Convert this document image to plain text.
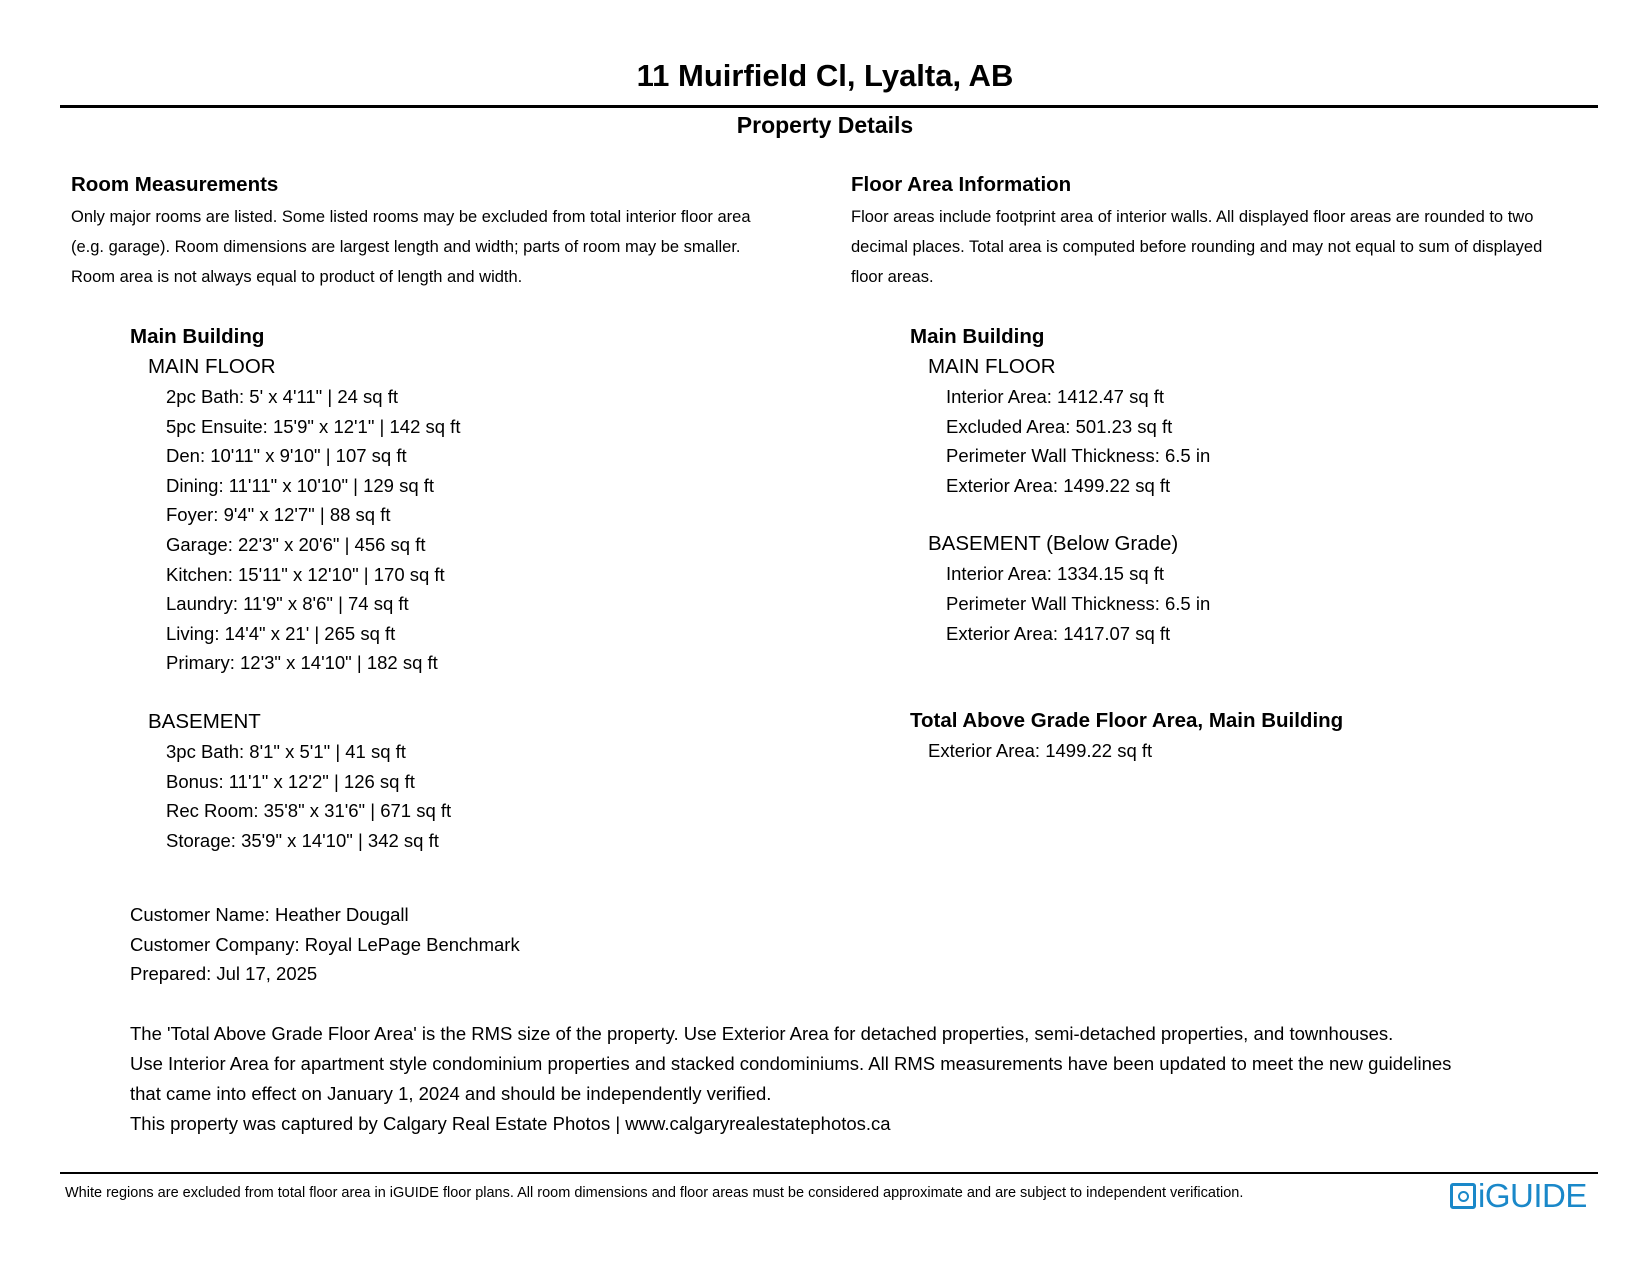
11 Muirfield Cl, Lyalta, AB
Property Details
Room Measurements
Only major rooms are listed. Some listed rooms may be excluded from total interior floor area
(e.g. garage). Room dimensions are largest length and width; parts of room may be smaller.
Room area is not always equal to product of length and width.
Main Building
MAIN FLOOR
2pc Bath: 5' x 4'11" | 24 sq ft
5pc Ensuite: 15'9" x 12'1" | 142 sq ft
Den: 10'11" x 9'10" | 107 sq ft
Dining: 11'11" x 10'10" | 129 sq ft
Foyer: 9'4" x 12'7" | 88 sq ft
Garage: 22'3" x 20'6" | 456 sq ft
Kitchen: 15'11" x 12'10" | 170 sq ft
Laundry: 11'9" x 8'6" | 74 sq ft
Living: 14'4" x 21' | 265 sq ft
Primary: 12'3" x 14'10" | 182 sq ft
BASEMENT
3pc Bath: 8'1" x 5'1" | 41 sq ft
Bonus: 11'1" x 12'2" | 126 sq ft
Rec Room: 35'8" x 31'6" | 671 sq ft
Storage: 35'9" x 14'10" | 342 sq ft
Floor Area Information
Floor areas include footprint area of interior walls. All displayed floor areas are rounded to two
decimal places. Total area is computed before rounding and may not equal to sum of displayed
floor areas.
Main Building
MAIN FLOOR
Interior Area: 1412.47 sq ft
Excluded Area: 501.23 sq ft
Perimeter Wall Thickness: 6.5 in
Exterior Area: 1499.22 sq ft
BASEMENT (Below Grade)
Interior Area: 1334.15 sq ft
Perimeter Wall Thickness: 6.5 in
Exterior Area: 1417.07 sq ft
Total Above Grade Floor Area, Main Building
Exterior Area: 1499.22 sq ft
Customer Name: Heather Dougall
Customer Company: Royal LePage Benchmark
Prepared: Jul 17, 2025
The 'Total Above Grade Floor Area' is the RMS size of the property. Use Exterior Area for detached properties, semi-detached properties, and townhouses.
Use Interior Area for apartment style condominium properties and stacked condominiums. All RMS measurements have been updated to meet the new guidelines
that came into effect on January 1, 2024 and should be independently verified.
This property was captured by Calgary Real Estate Photos | www.calgaryrealestatephotos.ca
White regions are excluded from total floor area in iGUIDE floor plans. All room dimensions and floor areas must be considered approximate and are subject to independent verification.	iGUIDE
